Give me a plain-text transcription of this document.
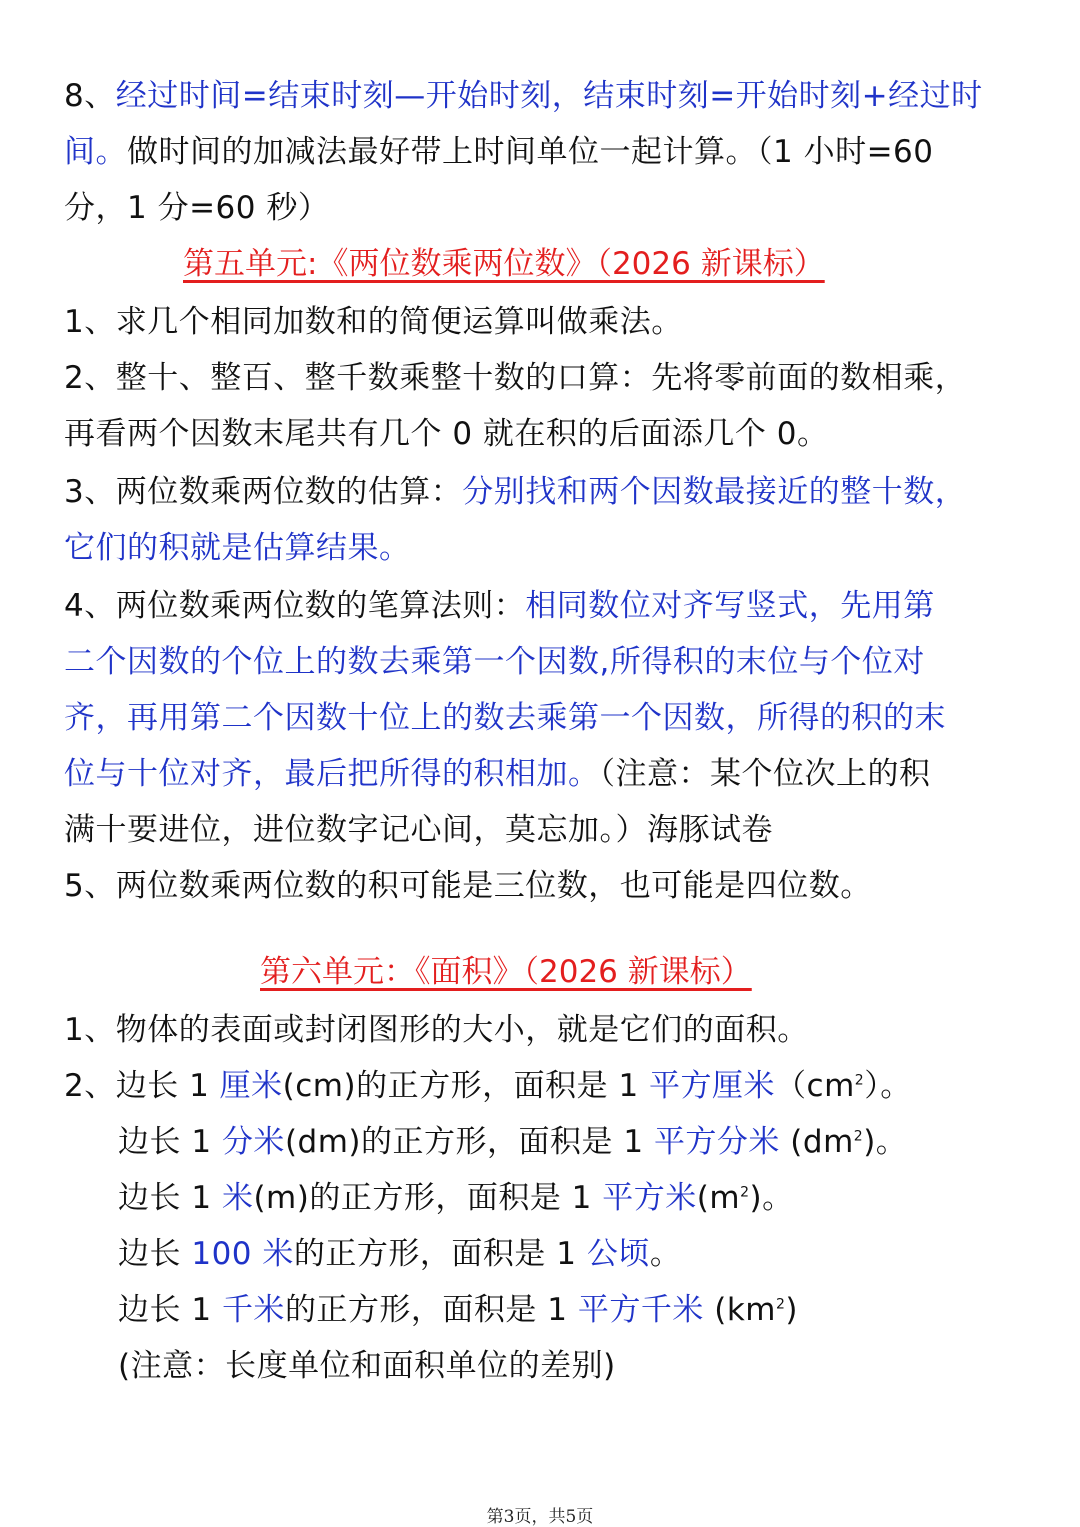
8、经过时间=结束时刻—开始时刻，结束时刻=开始时刻+经过时
间。做时间的加减法最好带上时间单位一起计算。（1 小时=60
分，1 分=60 秒）
第五单元:《两位数乘两位数》（2026 新课标）
1、求几个相同加数和的简便运算叫做乘法。
2、整十、整百、整千数乘整十数的口算：先将零前面的数相乘，
再看两个因数末尾共有几个 0 就在积的后面添几个 0。
3、两位数乘两位数的估算：分别找和两个因数最接近的整十数，
它们的积就是估算结果。
4、两位数乘两位数的笔算法则：相同数位对齐写竖式，先用第
二个因数的个位上的数去乘第一个因数,所得积的末位与个位对
齐，再用第二个因数十位上的数去乘第一个因数，所得的积的末
位与十位对齐，最后把所得的积相加。（注意：某个位次上的积
满十要进位，进位数字记心间，莫忘加。）海豚试卷
5、两位数乘两位数的积可能是三位数，也可能是四位数。
第六单元：《面积》（2026 新课标）
1、物体的表面或封闭图形的大小，就是它们的面积。
2、边长 1 厘米(cm)的正方形，面积是 1 平方厘米$(cm^2)$。
边长 1 分米(dm)的正方形，面积是 1 平方分米 $(dm^2)$。
边长 1 米(m)的正方形，面积是 1 平方米$(m^2)$。
边长 100 米的正方形，面积是 1 公顷。
边长 1 千米的正方形，面积是 1 平方千米 $(km^2)$
(注意：长度单位和面积单位的差别)
第3页，共5页
